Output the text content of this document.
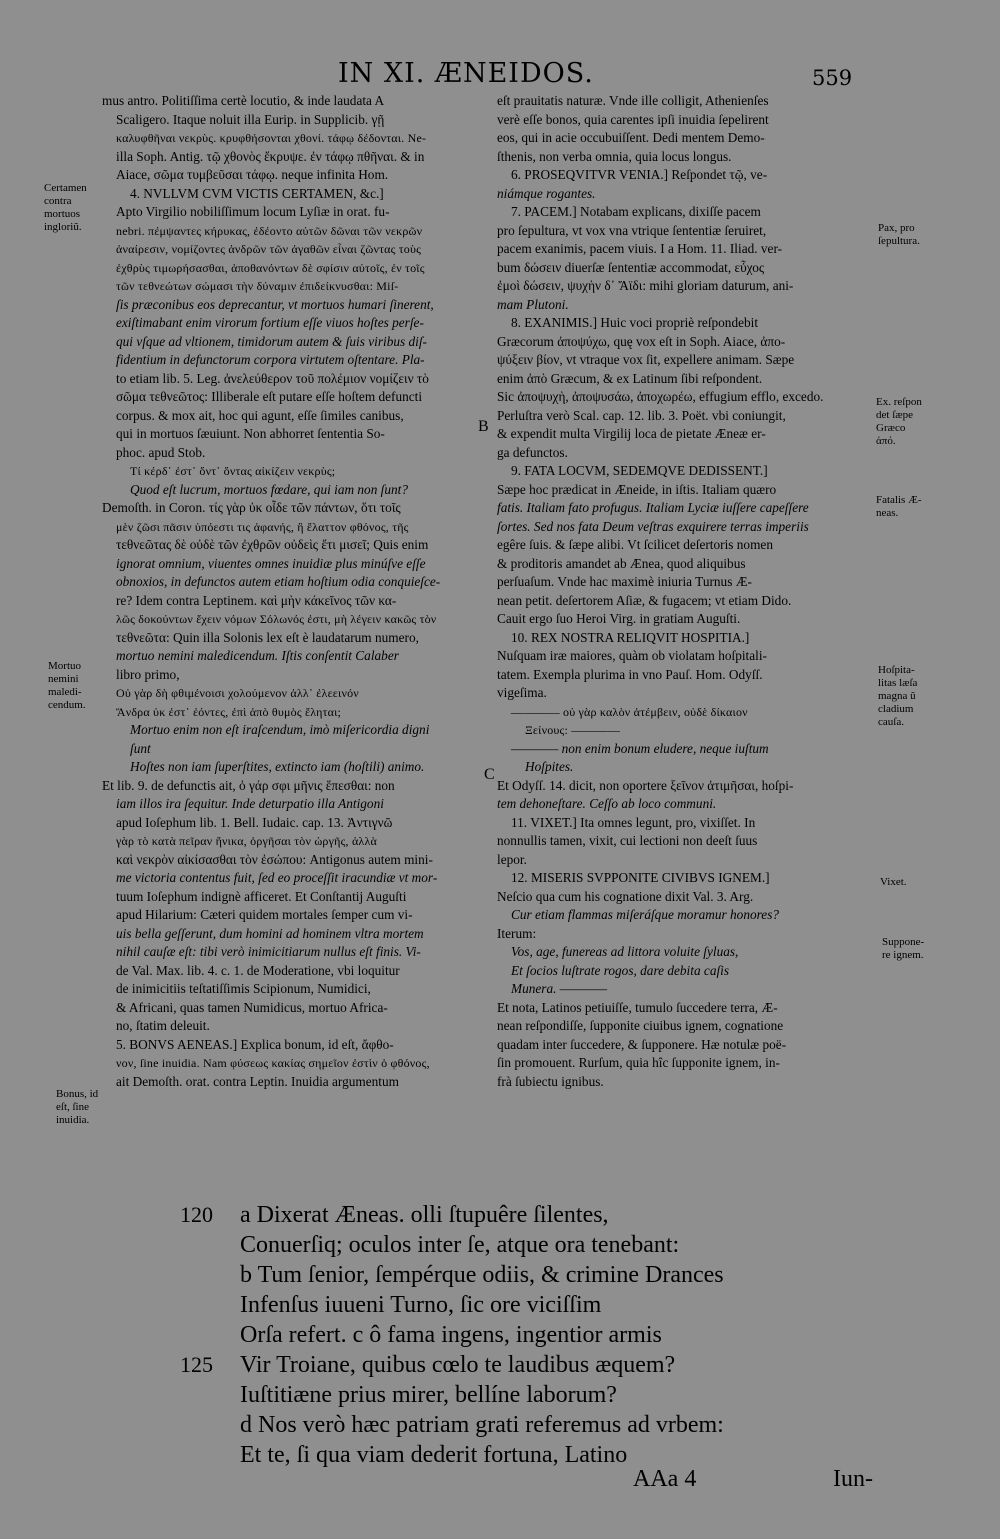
IN XI. ÆNEIDOS.	559
mus antro. Politiſſima certè locutio, & inde laudata A
Scaligero. Itaque noluit illa Eurip. in Supplicib. γῇ
καλυφθῆναι νεκρὺς. κρυφθήσονται χθονί. τάφῳ δέδονται. Ne-
illa Soph. Antig. τῷ χθονὸς ἔκρυψε. ἐν τάφῳ πθῆναι. & in
Aiace, σῶμα τυμβεῦσαι τάφῳ. neque infinita Hom.
4. NVLLVM CVM VICTIS CERTAMEN, &c.]
Apto Virgilio nobiliſſimum locum Lyſiæ in orat. fu-
nebri. πέμψαντες κήρυκας, ἐδέοντο αὐτῶν δῶναι τῶν νεκρῶν
ἀναίρεσιν, νομίζοντες ἀνδρῶν τῶν ἀγαθῶν εἶναι ζῶντας τοὺς
ἐχθρὺς τιμωρήσασθαι, ἀποθανόντων δὲ σφίσιν αὐτοῖς, ἐν τοῖς
τῶν τεθνεώτων σώμασι τὴν δύναμιν ἐπιδείκνυσθαι: Miſ-
ſis præconibus eos deprecantur, vt mortuos humari ſinerent,
exiſtimabant enim virorum fortium eſſe viuos hoſtes perſe-
qui vſque ad vltionem, timidorum autem & ſuis viribus diſ-
fidentium in defunctorum corpora virtutem oſtentare. Pla-
to etiam lib. 5. Leg. ἀνελεύθερον τοῦ πολέμιον νομίζειν τὸ
σῶμα τεθνεῶτος: Illiberale eſt putare eſſe hoſtem defuncti
corpus. & mox ait, hoc qui agunt, eſſe ſimiles canibus,
qui in mortuos ſæuiunt. Non abhorret ſententia So-
phoc. apud Stob.
Τί κέρδ᾽ ἐστ᾽ ὄντ᾽ ὄντας αἰκίζειν νεκρὺς;
Quod eſt lucrum, mortuos fœdare, qui iam non ſunt?
Demoſth. in Coron. τίς γὰρ ὐκ οἶδε τῶν πάντων, ὅτι τοῖς
μὲν ζῶσι πᾶσιν ὑπόεστι τις ἀφανής, ἢ ἔλαττον φθόνος, τῆς
τεθνεῶτας δὲ οὐδὲ τῶν ἐχθρῶν οὐδεὶς ἔτι μισεῖ; Quis enim
ignorat omnium, viuentes omnes inuidiæ plus minúſve eſſe
obnoxios, in defunctos autem etiam hoſtium odia conquieſce-
re? Idem contra Leptinem. καὶ μὴν κάκεῖνος τῶν κα-
λῶς δοκούντων ἔχειν νόμων Σόλωνός ἐστι, μὴ λέγειν κακῶς τὸν
τεθνεῶτα: Quin illa Solonis lex eſt è laudatarum numero,
mortuo nemini maledicendum. Iſtis conſentit Calaber
libro primo,
Οὐ γὰρ δὴ φθιμένοισι χολούμενον ἀλλ᾽ ἐλεεινόν
Ἄνδρα ὐκ ἐστ᾽ ἐόντες, ἐπὶ ἀπὸ θυμὸς ἔληται;
Mortuo enim non eſt iraſcendum, imò miſericordia digni
ſunt
Hoſtes non iam ſuperſtites, extincto iam (hoſtili) animo.
Et lib. 9. de defunctis ait, ὀ γάρ σφι μῆνις ἕπεσθαι: non
iam illos ira ſequitur. Inde deturpatio illa Antigoni
apud Ioſephum lib. 1. Bell. Iudaic. cap. 13. Ἀντιγνῶ
γὰρ τὸ κατὰ πεῖραν ἤνικα, ὀργῆσαι τὸν ὠργῆς, ἀλλὰ
καὶ νεκρὸν αἰκίσασθαι τὸν ἐσώπου: Antigonus autem mini-
me victoria contentus fuit, ſed eo proceſſit iracundiæ vt mor-
tuum Ioſephum indignè afficeret. Et Conſtantij Auguſti
apud Hilarium: Cæteri quidem mortales ſemper cum vi-
uis bella geſſerunt, dum homini ad hominem vltra mortem
nihil cauſæ eſt: tibi verò inimicitiarum nullus eſt finis. Vi-
de Val. Max. lib. 4. c. 1. de Moderatione, vbi loquitur
de inimicitiis teſtatiſſimis Scipionum, Numidici,
& Africani, quas tamen Numidicus, mortuo Africa-
no, ſtatim deleuit.
5. BONVS AENEAS.] Explica bonum, id eſt, ἄφθο-
νον, ſine inuidia. Nam φύσεως κακίας σημεῖον ἐστὶν ὁ φθόνος,
ait Demoſth. orat. contra Leptin. Inuidia argumentum
eſt prauitatis naturæ. Vnde ille colligit, Athenienſes
verè eſſe bonos, quia carentes ipſi inuidia ſepelirent
eos, qui in acie occubuiſſent. Dedi mentem Demo-
ſthenis, non verba omnia, quia locus longus.
6. PROSEQVITVR VENIA.] Reſpondet τῷ, ve-
niámque rogantes.
7. PACEM.] Notabam explicans, dixiſſe pacem
pro ſepultura, vt vox vna vtrique ſententiæ ſeruiret,
pacem exanimis, pacem viuis. I a Hom. 11. Iliad. ver-
bum δώσειν diuerſæ ſententiæ accommodat, εὖχος
ἐμοὶ δώσειν, ψυχὴν δ᾽ Ἄϊδι: mihi gloriam daturum, ani-
mam Plutoni.
8. EXANIMIS.] Huic voci propriè reſpondebit
Græcorum ἀποψύχω, quę vox eſt in Soph. Aiace, ἀπο-
ψύξειν βίον, vt vtraque vox ſit, expellere animam. Sæpe
enim ἀπὸ Græcum, & ex Latinum ſibi reſpondent.
Sic ἀποψυχὴ, ἀποψυσάω, ἀποχωρέω, effugium efflo, excedo.
Perluſtra verò Scal. cap. 12. lib. 3. Poët. vbi coniungit,
& expendit multa Virgilij loca de pietate Æneæ er-
ga defunctos.
9. FATA LOCVM, SEDEMQVE DEDISSENT.]
Sæpe hoc prædicat in Æneide, in iſtis. Italiam quæro
fatis. Italiam fato profugus. Italiam Lyciæ iuſſere capeſſere
ſortes. Sed nos fata Deum veſtras exquirere terras imperiis
egêre ſuis. & ſæpe alibi. Vt ſcilicet deſertoris nomen
& proditoris amandet ab Ænea, quod aliquibus
perſuaſum. Vnde hac maximè iniuria Turnus Æ-
nean petit. deſertorem Aſiæ, & fugacem; vt etiam Dido.
Cauit ergo ſuo Heroi Virg. in gratiam Auguſti.
10. REX NOSTRA RELIQVIT HOSPITIA.]
Nuſquam iræ maiores, quàm ob violatam hoſpitali-
tatem. Exempla plurima in vno Pauſ. Hom. Odyſſ.
vigeſima.
———— οὐ γὰρ καλὸν ἀτέμβειν, οὐδὲ δίκαιον
Ξείνους: ————
———— non enim bonum eludere, neque iuſtum
Hoſpites.
Et Odyſſ. 14. dicit, non oportere ξεῖνον ἀτιμῆσαι, hoſpi-
tem dehoneſtare. Ceſſo ab loco communi.
11. VIXET.] Ita omnes legunt, pro, vixiſſet. In
nonnullis tamen, vixit, cui lectioni non deeſt ſuus
lepor.
12. MISERIS SVPPONITE CIVIBVS IGNEM.]
Neſcio qua cum his cognatione dixit Val. 3. Arg.
Cur etiam flammas miſeráſque moramur honores?
Iterum:
Vos, age, funereas ad littora voluite ſyluas,
Et ſocios luſtrate rogos, dare debita caſis
Munera. ————
Et nota, Latinos petiuiſſe, tumulo ſuccedere terra, Æ-
nean reſpondiſſe, ſupponite ciuibus ignem, cognatione
quadam inter ſuccedere, & ſupponere. Hæ notulæ poë-
ſin promouent. Rurſum, quia hîc ſupponite ignem, in-
frà ſubiectu ignibus.
Certamen
contra
mortuos
ingloriũ.
Mortuo
nemini
maledi-
cendum.
Bonus, id
eſt, ſine
inuidia.
Pax, pro
ſepultura.
Ex. reſpon
det ſæpe
Græco
ἀπό.
Fatalis Æ-
neas.
Hoſpita-
litas læſa
magna ũ
cladium
cauſa.
Vixet.
Suppone-
re ignem.
B
C
120	a Dixerat Æneas. olli ſtupuêre ſilentes,
Conuerſiq; oculos inter ſe, atque ora tenebant:
b Tum ſenior, ſempérque odiis, & crimine Drances
Infenſus iuueni Turno, ſic ore viciſſim
Orſa refert. c ô fama ingens, ingentior armis
125	Vir Troiane, quibus cœlo te laudibus æquem?
Iuſtitiæne prius mirer, bellíne laborum?
d Nos verò hæc patriam grati referemus ad vrbem:
Et te, ſi qua viam dederit fortuna, Latino
AAa 4	Iun-
